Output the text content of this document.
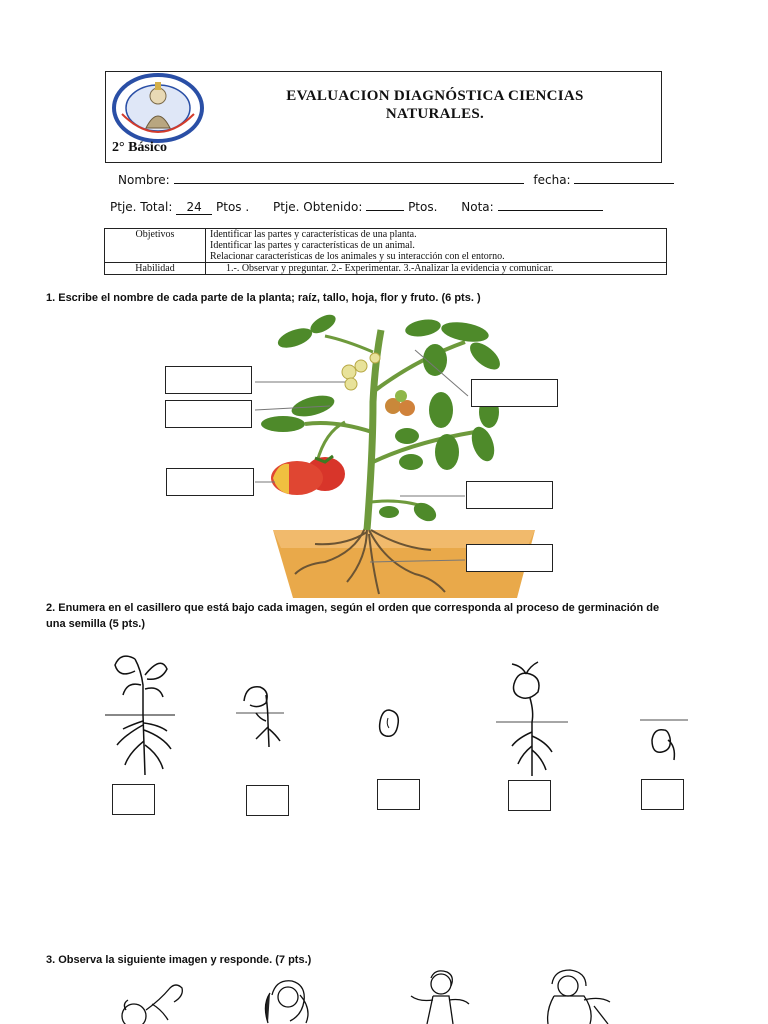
2° Básico
EVALUACION DIAGNÓSTICA CIENCIAS
NATURALES.
Nombre:	fecha:
Ptje. Total: 24 Ptos . Ptje. Obtenido:	Ptos. Nota:
Objetivos	Identificar las partes y características de una planta.
Identificar las partes y características de un animal.
Relacionar características de los animales y su interacción con el entorno.

Habilidad	1.-. Observar y preguntar. 2.- Experimentar. 3.-Analizar la evidencia y comunicar.
1. Escribe el nombre de cada parte de la planta; raíz, tallo, hoja, flor y fruto. (6 pts. )
2. Enumera en el casillero que está bajo cada imagen, según el orden que corresponda al proceso de germinación de
una semilla (5 pts.)
3. Observa la siguiente imagen y responde. (7 pts.)
